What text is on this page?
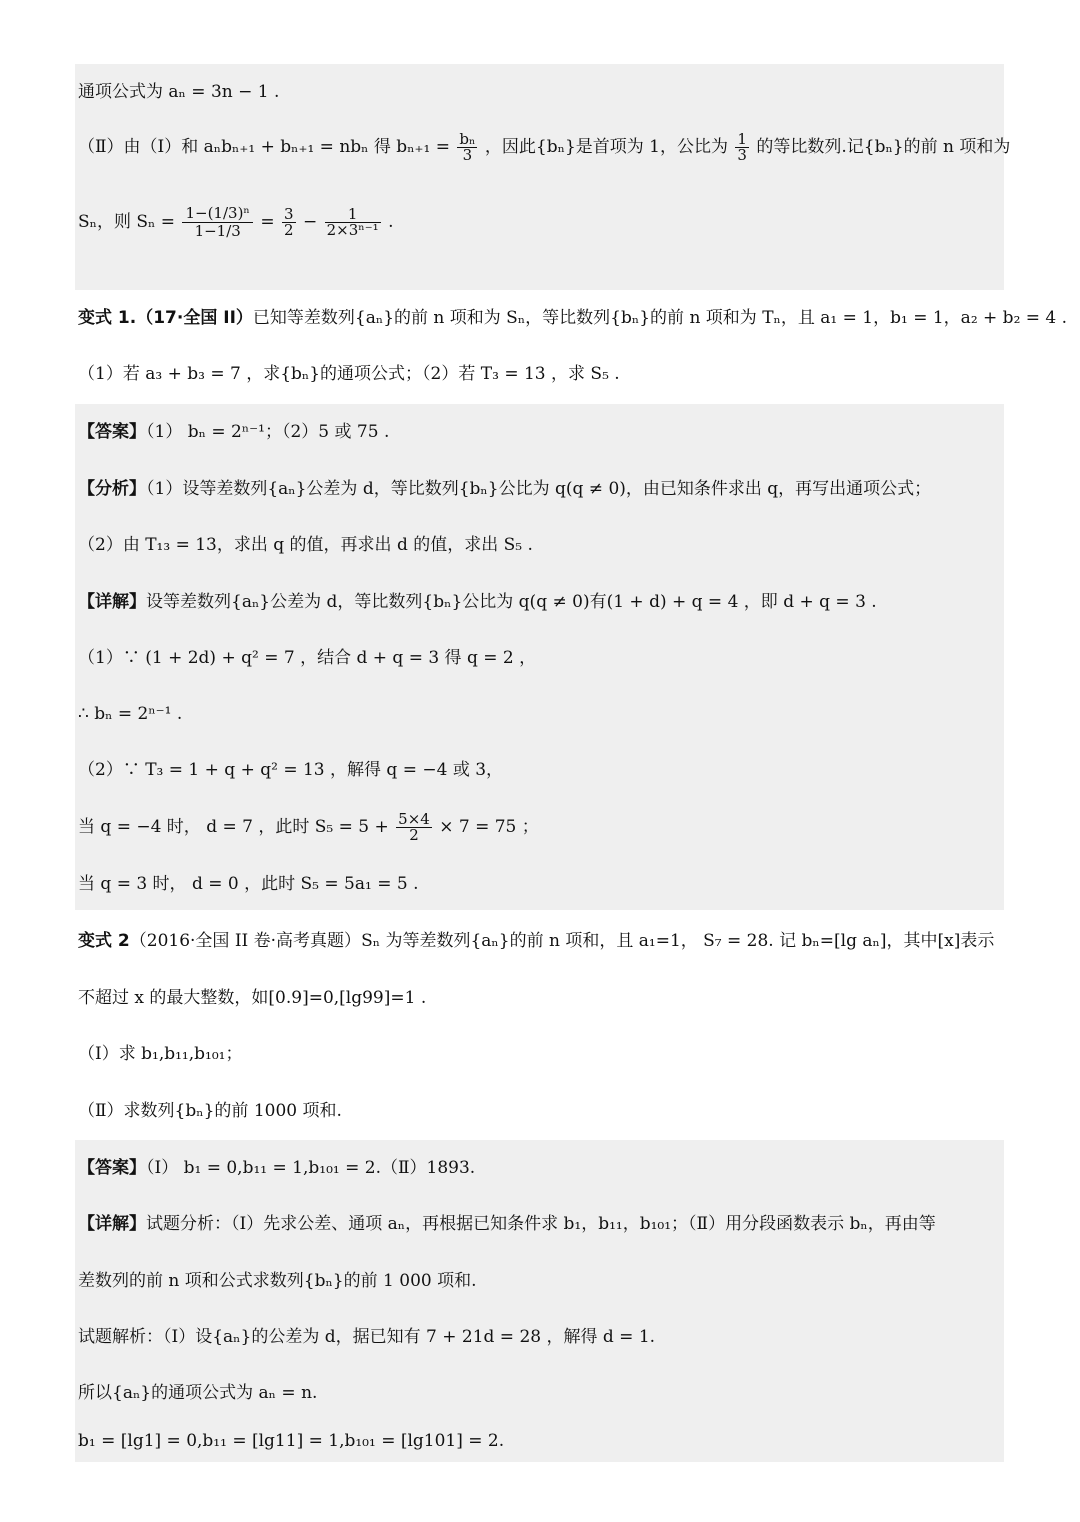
通项公式为 aₙ = 3n − 1 .
（Ⅱ）由（Ⅰ）和 aₙbₙ₊₁ + bₙ₊₁ = nbₙ 得 $b_{n+1} = \frac{\text{bₙ}}{3}$ ，因此{bₙ}是首项为 1，公比为 $\frac{1}{3}$ 的等比数列.记{bₙ}的前 n 项和为
Sₙ，则 $S_n = \frac{\text{1−(1/3)ⁿ}}{1-1/3} = \frac{3}{2} - \frac{1}{\text{2×3ⁿ⁻¹}}$ .
变式 1.（17·全国 II）已知等差数列{aₙ}的前 n 项和为 Sₙ，等比数列{bₙ}的前 n 项和为 Tₙ，且 a₁ = 1，b₁ = 1，a₂ + b₂ = 4 .
（1）若 a₃ + b₃ = 7 ，求{bₙ}的通项公式；（2）若 T₃ = 13 ，求 S₅ .
【答案】（1） bₙ = 2ⁿ⁻¹；（2）5 或 75 .
【分析】（1）设等差数列{aₙ}公差为 d，等比数列{bₙ}公比为 q(q ≠ 0)，由已知条件求出 q，再写出通项公式；
（2）由 T₁₃ = 13，求出 q 的值，再求出 d 的值，求出 S₅ .
【详解】设等差数列{aₙ}公差为 d，等比数列{bₙ}公比为 q(q ≠ 0)有(1 + d) + q = 4 ，即 d + q = 3 .
（1）∵ (1 + 2d) + q² = 7 ，结合 d + q = 3 得 q = 2 ，
∴ bₙ = 2ⁿ⁻¹ .
（2）∵ T₃ = 1 + q + q² = 13 ，解得 q = −4 或 3，
当 q = −4 时， d = 7 ，此时 $S_5 = 5 + \frac{5\times 4}{2} \times 7 = 75$ ；
当 q = 3 时， d = 0 ，此时 S₅ = 5a₁ = 5 .
变式 2（2016·全国 II 卷·高考真题）Sₙ 为等差数列{aₙ}的前 n 项和，且 a₁=1， S₇ = 28. 记 bₙ=[lg aₙ]，其中[x]表示
不超过 x 的最大整数，如[0.9]=0,[lg99]=1 .
（Ⅰ）求 b₁,b₁₁,b₁₀₁；
（Ⅱ）求数列{bₙ}的前 1000 项和.
【答案】（Ⅰ） b₁ = 0,b₁₁ = 1,b₁₀₁ = 2.（Ⅱ）1893.
【详解】试题分析：（Ⅰ）先求公差、通项 aₙ，再根据已知条件求 b₁，b₁₁，b₁₀₁；（Ⅱ）用分段函数表示 bₙ，再由等
差数列的前 n 项和公式求数列{bₙ}的前 1 000 项和.
试题解析：（Ⅰ）设{aₙ}的公差为 d，据已知有 7 + 21d = 28 ，解得 d = 1.
所以{aₙ}的通项公式为 aₙ = n.
b₁ = [lg1] = 0,b₁₁ = [lg11] = 1,b₁₀₁ = [lg101] = 2.
